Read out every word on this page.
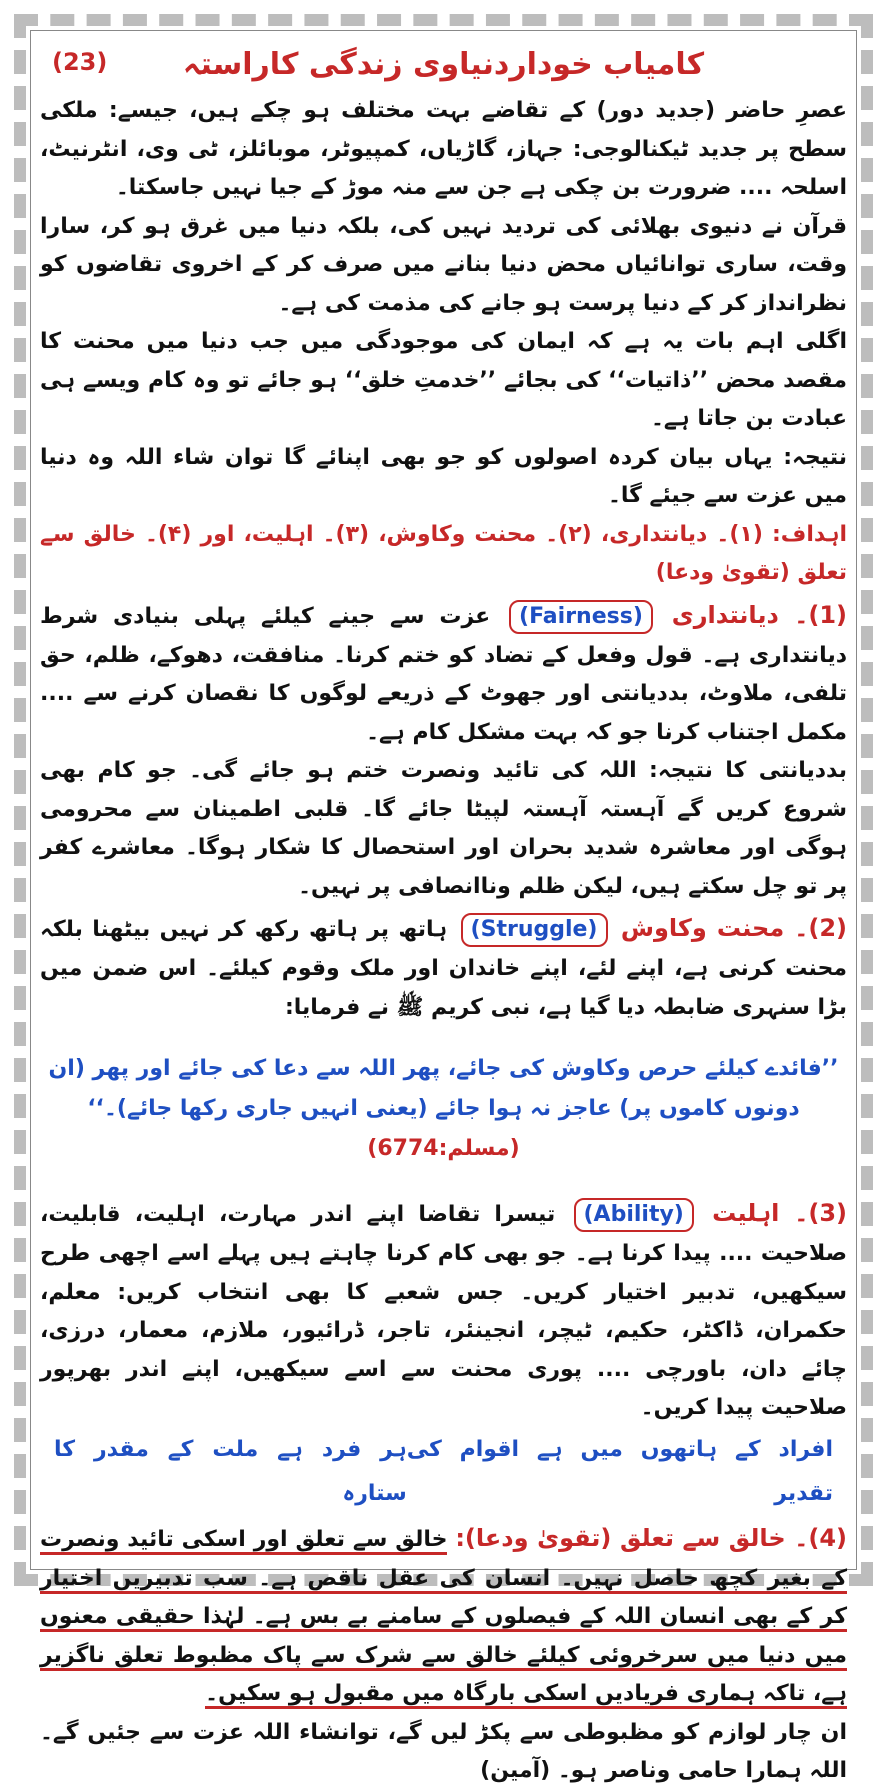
(23)	کامیاب خوداردنیاوی زندگی کاراستہ

عصرِ حاضر (جدید دور) کے تقاضے بہت مختلف ہو چکے ہیں، جیسے: ملکی سطح پر جدید ٹیکنالوجی: جہاز، گاڑیاں، کمپیوٹر، موبائلز، ٹی وی، انٹرنیٹ، اسلحہ .... ضرورت بن چکی ہے جن سے منہ موڑ کے جیا نہیں جاسکتا۔

قرآن نے دنیوی بھلائی کی تردید نہیں کی، بلکہ دنیا میں غرق ہو کر، سارا وقت، ساری توانائیاں محض دنیا بنانے میں صرف کر کے اخروی تقاضوں کو نظرانداز کر کے دنیا پرست ہو جانے کی مذمت کی ہے۔

اگلی اہم بات یہ ہے کہ ایمان کی موجودگی میں جب دنیا میں محنت کا مقصد محض ’’ذاتیات‘‘ کی بجائے ’’خدمتِ خلق‘‘ ہو جائے تو وہ کام ویسے ہی عبادت بن جاتا ہے۔

نتیجہ: یہاں بیان کردہ اصولوں کو جو بھی اپنائے گا توان شاء اللہ وہ دنیا میں عزت سے جیئے گا۔

اہداف: (۱)۔ دیانتداری، (۲)۔ محنت وکاوش، (۳)۔ اہلیت، اور (۴)۔ خالق سے تعلق (تقویٰ ودعا)

(1)۔ دیانتداری (Fairness) عزت سے جینے کیلئے پہلی بنیادی شرط دیانتداری ہے۔ قول وفعل کے تضاد کو ختم کرنا۔ منافقت، دھوکے، ظلم، حق تلفی، ملاوٹ، بددیانتی اور جھوٹ کے ذریعے لوگوں کا نقصان کرنے سے .... مکمل اجتناب کرنا جو کہ بہت مشکل کام ہے۔

بددیانتی کا نتیجہ: اللہ کی تائید ونصرت ختم ہو جائے گی۔ جو کام بھی شروع کریں گے آہستہ آہستہ لپیٹا جائے گا۔ قلبی اطمینان سے محرومی ہوگی اور معاشرہ شدید بحران اور استحصال کا شکار ہوگا۔ معاشرے کفر پر تو چل سکتے ہیں، لیکن ظلم وناانصافی پر نہیں۔

(2)۔ محنت وکاوش (Struggle) ہاتھ پر ہاتھ رکھ کر نہیں بیٹھنا بلکہ محنت کرنی ہے، اپنے لئے، اپنے خاندان اور ملک وقوم کیلئے۔ اس ضمن میں بڑا سنہری ضابطہ دیا گیا ہے، نبی کریم ﷺ نے فرمایا:

’’فائدے کیلئے حرص وکاوش کی جائے، پھر اللہ سے دعا کی جائے اور پھر (ان دونوں کاموں پر) عاجز نہ ہوا جائے (یعنی انہیں جاری رکھا جائے)۔‘‘ (مسلم:6774)

(3)۔ اہلیت (Ability) تیسرا تقاضا اپنے اندر مہارت، اہلیت، قابلیت، صلاحیت .... پیدا کرنا ہے۔ جو بھی کام کرنا چاہتے ہیں پہلے اسے اچھی طرح سیکھیں، تدبیر اختیار کریں۔ جس شعبے کا بھی انتخاب کریں: معلم، حکمران، ڈاکٹر، حکیم، ٹیچر، انجینئر، تاجر، ڈرائیور، ملازم، معمار، درزی، چائے دان، باورچی .... پوری محنت سے اسے سیکھیں، اپنے اندر بھرپور صلاحیت پیدا کریں۔

افراد کے ہاتھوں میں ہے اقوام کی تقدیر
ہر فرد ہے ملت کے مقدر کا ستارہ

(4)۔ خالق سے تعلق (تقویٰ ودعا): خالق سے تعلق اور اسکی تائید ونصرت کے بغیر کچھ حاصل نہیں۔ انسان کی عقل ناقص ہے۔ سب تدبیریں اختیار کر کے بھی انسان اللہ کے فیصلوں کے سامنے بے بس ہے۔ لہٰذا حقیقی معنوں میں دنیا میں سرخروئی کیلئے خالق سے شرک سے پاک مظبوط تعلق ناگزیر ہے، تاکہ ہماری فریادیں اسکی بارگاہ میں مقبول ہو سکیں۔

ان چار لوازم کو مظبوطی سے پکڑ لیں گے، توانشاء اللہ عزت سے جئیں گے۔ اللہ ہمارا حامی وناصر ہو۔ (آمین)
